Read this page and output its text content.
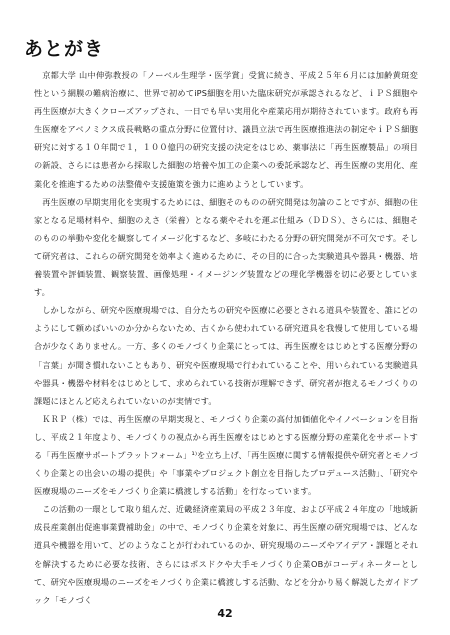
あとがき

京都大学 山中伸弥教授の「ノーベル生理学・医学賞」受賞に続き、平成２５年６月には加齢黄斑変性という網膜の難病治療に、世界で初めてiPS細胞を用いた臨床研究が承認されるなど、ｉＰＳ細胞や再生医療が大きくクローズアップされ、一日でも早い実用化や産業応用が期待されています。政府も再生医療をアベノミクス成長戦略の重点分野に位置付け、議員立法で再生医療推進法の制定やｉＰＳ細胞研究に対する１０年間で１，１００億円の研究支援の決定をはじめ、薬事法に「再生医療製品」の項目の新設、さらには患者から採取した細胞の培養や加工の企業への委託承認など、再生医療の実用化、産業化を推進するための法整備や支援施策を強力に進めようとしています。

再生医療の早期実用化を実現するためには、細胞そのものの研究開発は勿論のことですが、細胞の住家となる足場材料や、細胞のえさ（栄養）となる薬やそれを運ぶ仕組み（ＤＤＳ）、さらには、細胞そのものの挙動や変化を観察してイメージ化するなど、多岐にわたる分野の研究開発が不可欠です。そして研究者は、これらの研究開発を効率よく進めるために、その目的に合った実験道具や器具・機器、培養装置や評価装置、観察装置、画像処理・イメージング装置などの理化学機器を切に必要としています。

しかしながら、研究や医療現場では、自分たちの研究や医療に必要とされる道具や装置を、誰にどのようにして頼めばいいのか分からないため、古くから使われている研究道具を我慢して使用している場合が少なくありません。一方、多くのモノづくり企業にとっては、再生医療をはじめとする医療分野の「言葉」が聞き慣れないこともあり、研究や医療現場で行われていることや、用いられている実験道具や器具・機器や材料をはじめとして、求められている技術が理解できず、研究者が抱えるモノづくりの課題にほとんど応えられていないのが実情です。

ＫＲＰ（株）では、再生医療の早期実現と、モノづくり企業の高付加価値化やイノベーションを目指し、平成２１年度より、モノづくりの視点から再生医療をはじめとする医療分野の産業化をサポートする「再生医療サポートプラットフォーム」¹⁾を立ち上げ、「再生医療に関する情報提供や研究者とモノづくり企業との出会いの場の提供」や「事業やプロジェクト創立を目指したプロデュース活動」、「研究や医療現場のニーズをモノづくり企業に橋渡しする活動」を行なっています。

この活動の一環として取り組んだ、近畿経済産業局の平成２３年度、および平成２４年度の「地域新成長産業創出促進事業費補助金」の中で、モノづくり企業を対象に、再生医療の研究現場では、どんな道具や機器を用いて、どのようなことが行われているのか、研究現場のニーズやアイデア・課題とそれを解決するために必要な技術、さらにはポスドクや大手モノづくり企業OBがコーディネーターとして、研究や医療現場のニーズをモノづくり企業に橋渡しする活動、などを分かり易く解説したガイドブック「モノづく

42
